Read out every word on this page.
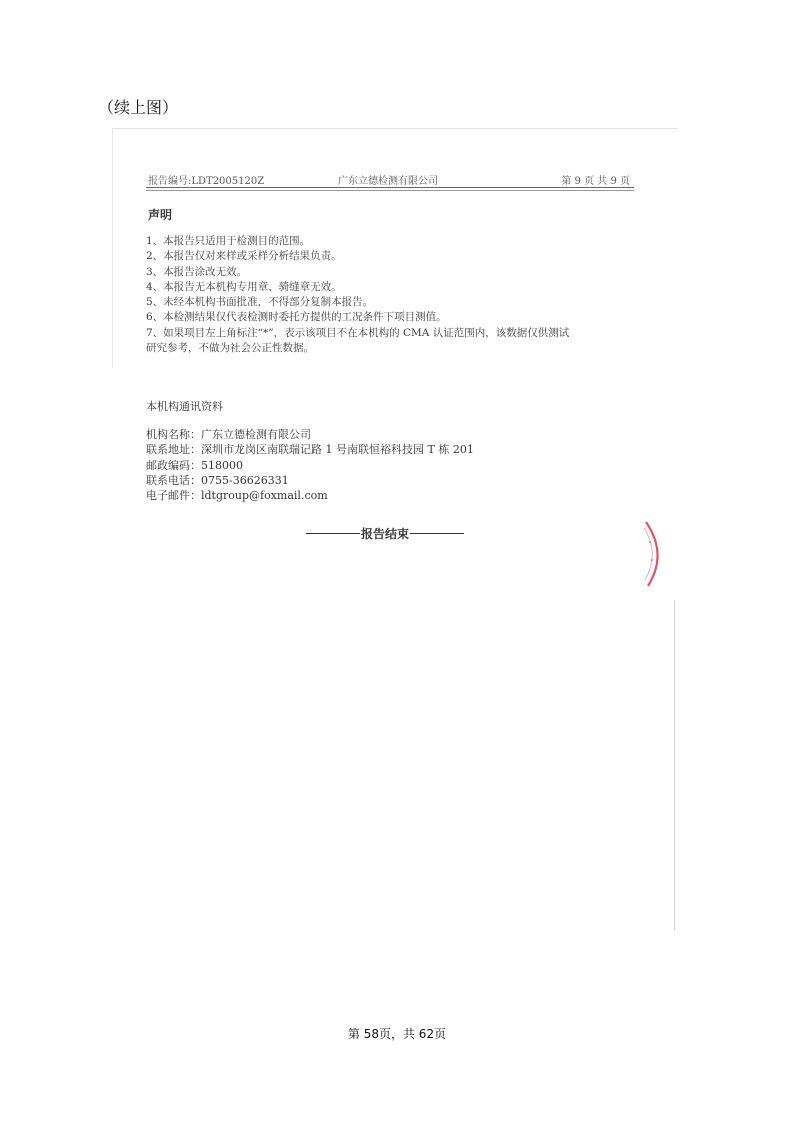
（续上图）
报告编号:LDT2005120Z	广东立德检测有限公司	第 9 页 共 9 页
声明
1、本报告只适用于检测目的范围。
2、本报告仅对来样或采样分析结果负责。
3、本报告涂改无效。
4、本报告无本机构专用章、骑缝章无效。
5、未经本机构书面批准，不得部分复制本报告。
6、本检测结果仅代表检测时委托方提供的工况条件下项目测值。
7、如果项目左上角标注“*”，表示该项目不在本机构的 CMA 认证范围内，该数据仅供测试
研究参考，不做为社会公正性数据。
本机构通讯资料
机构名称：广东立德检测有限公司
联系地址：深圳市龙岗区南联瑞记路 1 号南联恒裕科技园 T 栋 201
邮政编码：518000
联系电话：0755-36626331
电子邮件：ldtgroup@foxmail.com
报告结束
第 58页，共 62页
